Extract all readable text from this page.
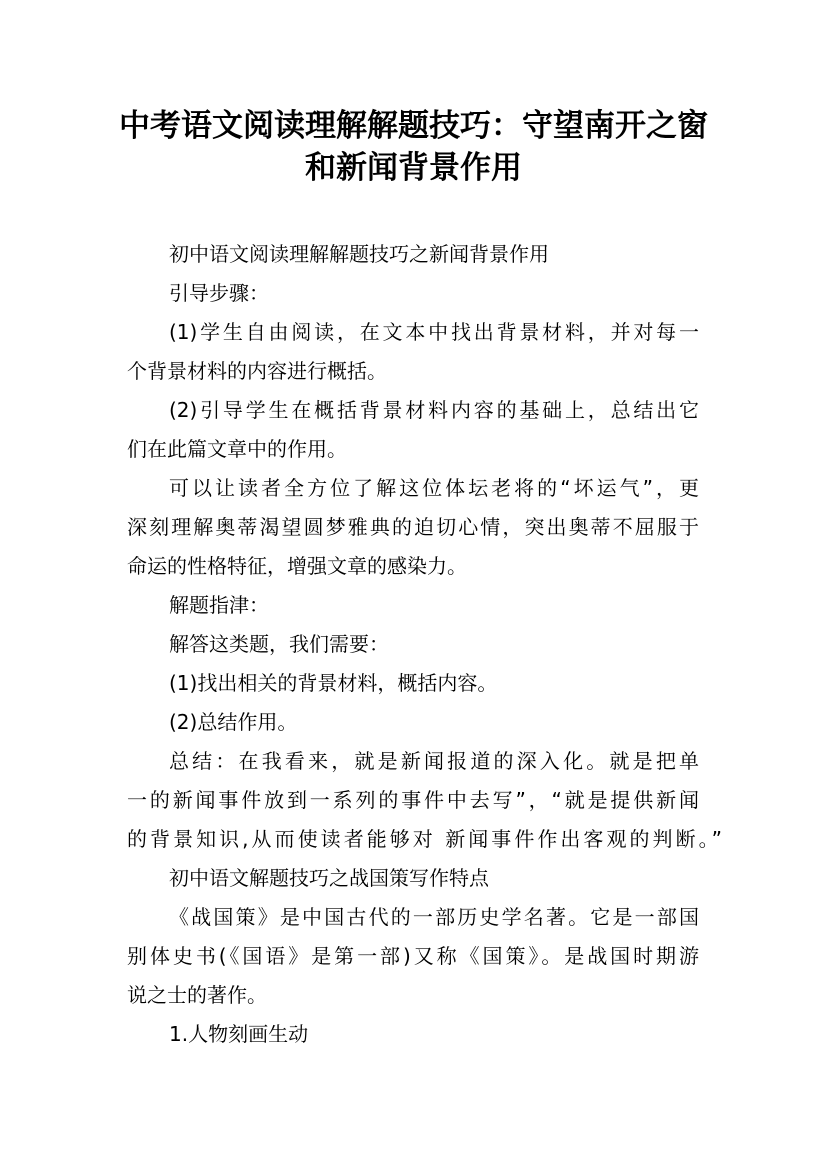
中考语文阅读理解解题技巧：守望南开之窗
和新闻背景作用
初中语文阅读理解解题技巧之新闻背景作用
引导步骤：
(1)学生自由阅读，在文本中找出背景材料，并对每一
个背景材料的内容进行概括。
(2)引导学生在概括背景材料内容的基础上，总结出它
们在此篇文章中的作用。
可以让读者全方位了解这位体坛老将的“坏运气”，更
深刻理解奥蒂渴望圆梦雅典的迫切心情，突出奥蒂不屈服于
命运的性格特征，增强文章的感染力。
解题指津：
解答这类题，我们需要：
(1)找出相关的背景材料，概括内容。
(2)总结作用。
总结：在我看来，就是新闻报道的深入化。就是把单
一的新闻事件放到一系列的事件中去写”，“就是提供新闻
的背景知识,从而使读者能够对 新闻事件作出客观的判断。”
初中语文解题技巧之战国策写作特点
《战国策》是中国古代的一部历史学名著。它是一部国
别体史书(《国语》是第一部)又称《国策》。是战国时期游
说之士的著作。
1.人物刻画生动
